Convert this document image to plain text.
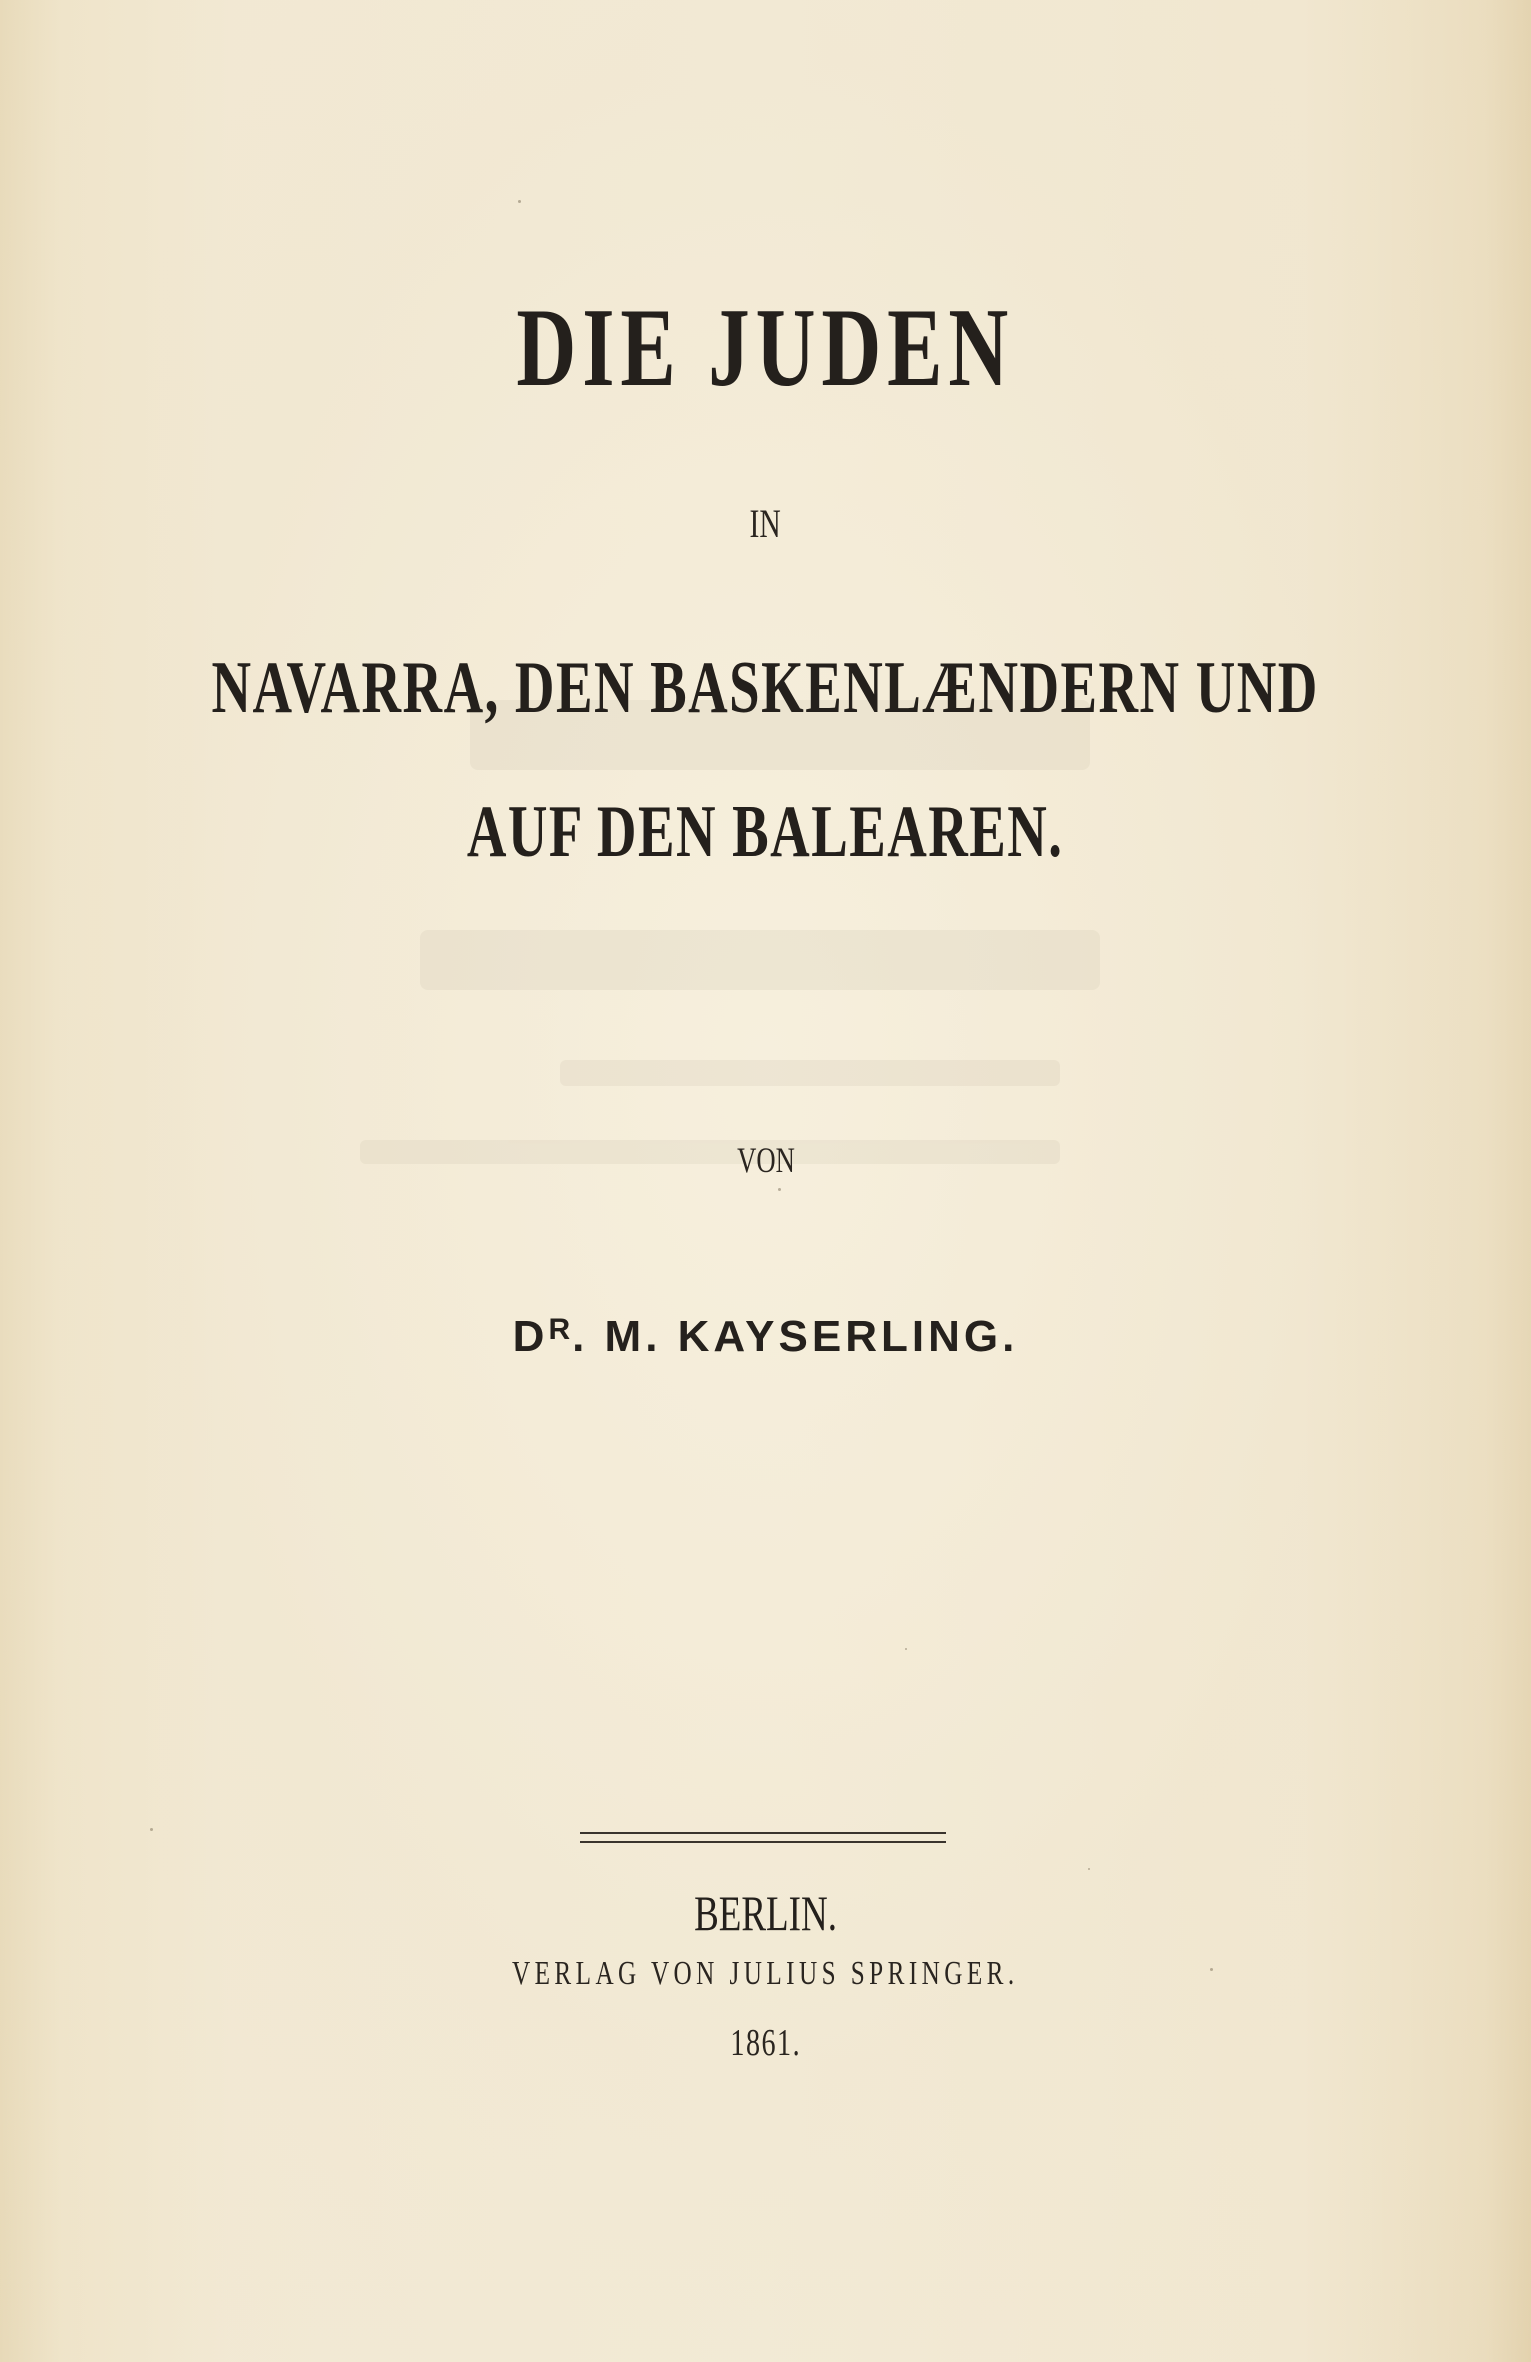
DIE JUDEN

IN

NAVARRA, DEN BASKENLÆNDERN UND
AUF DEN BALEAREN.

VON

$D^R$. M. KAYSERLING.

BERLIN.

VERLAG VON JULIUS SPRINGER.

1861.
